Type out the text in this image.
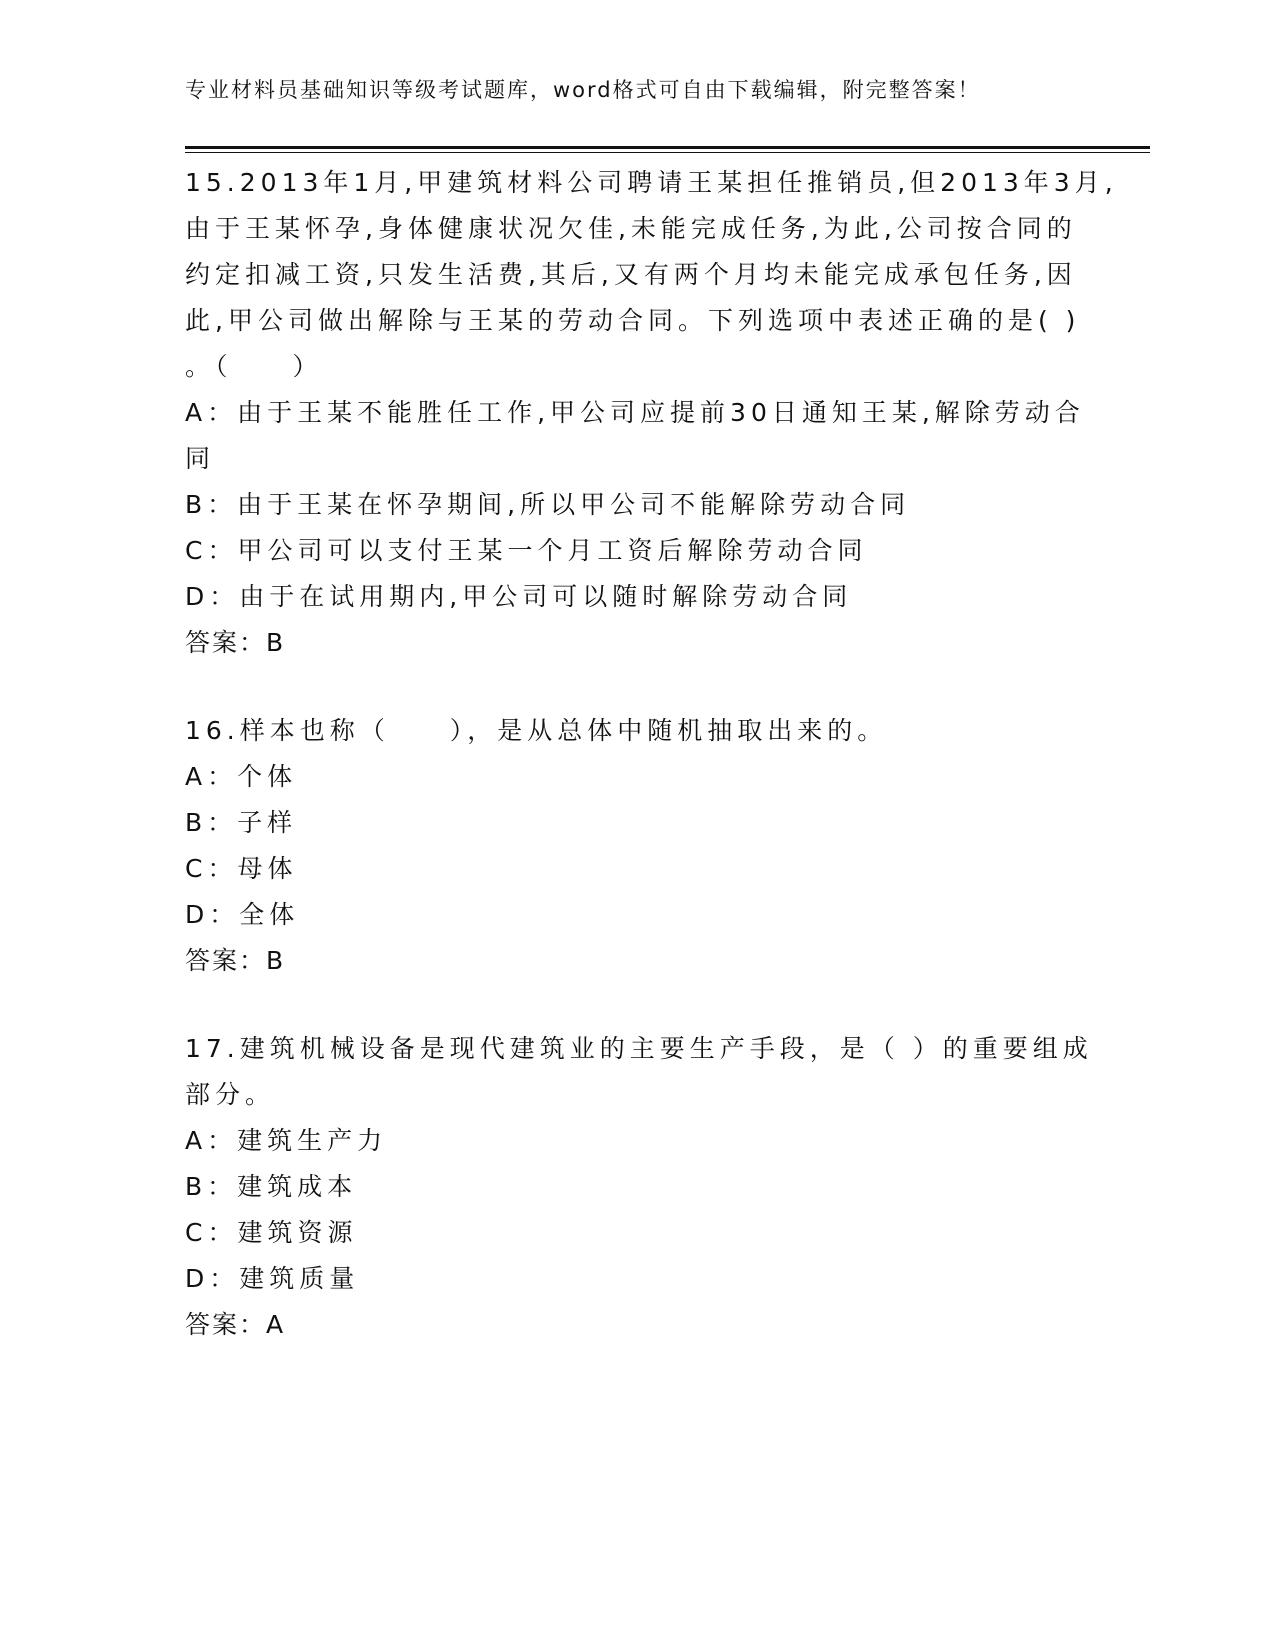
专业材料员基础知识等级考试题库，word格式可自由下载编辑，附完整答案！
15.2013年1月,甲建筑材料公司聘请王某担任推销员,但2013年3月,
由于王某怀孕,身体健康状况欠佳,未能完成任务,为此,公司按合同的
约定扣减工资,只发生活费,其后,又有两个月均未能完成承包任务,因
此,甲公司做出解除与王某的劳动合同。下列选项中表述正确的是( )
。（　　）
A：由于王某不能胜任工作,甲公司应提前30日通知王某,解除劳动合
同
B：由于王某在怀孕期间,所以甲公司不能解除劳动合同
C：甲公司可以支付王某一个月工资后解除劳动合同
D：由于在试用期内,甲公司可以随时解除劳动合同
答案：B
16.样本也称（　　），是从总体中随机抽取出来的。
A：个体
B：子样
C：母体
D：全体
答案：B
17.建筑机械设备是现代建筑业的主要生产手段，是（ ）的重要组成
部分。
A：建筑生产力
B：建筑成本
C：建筑资源
D：建筑质量
答案：A
